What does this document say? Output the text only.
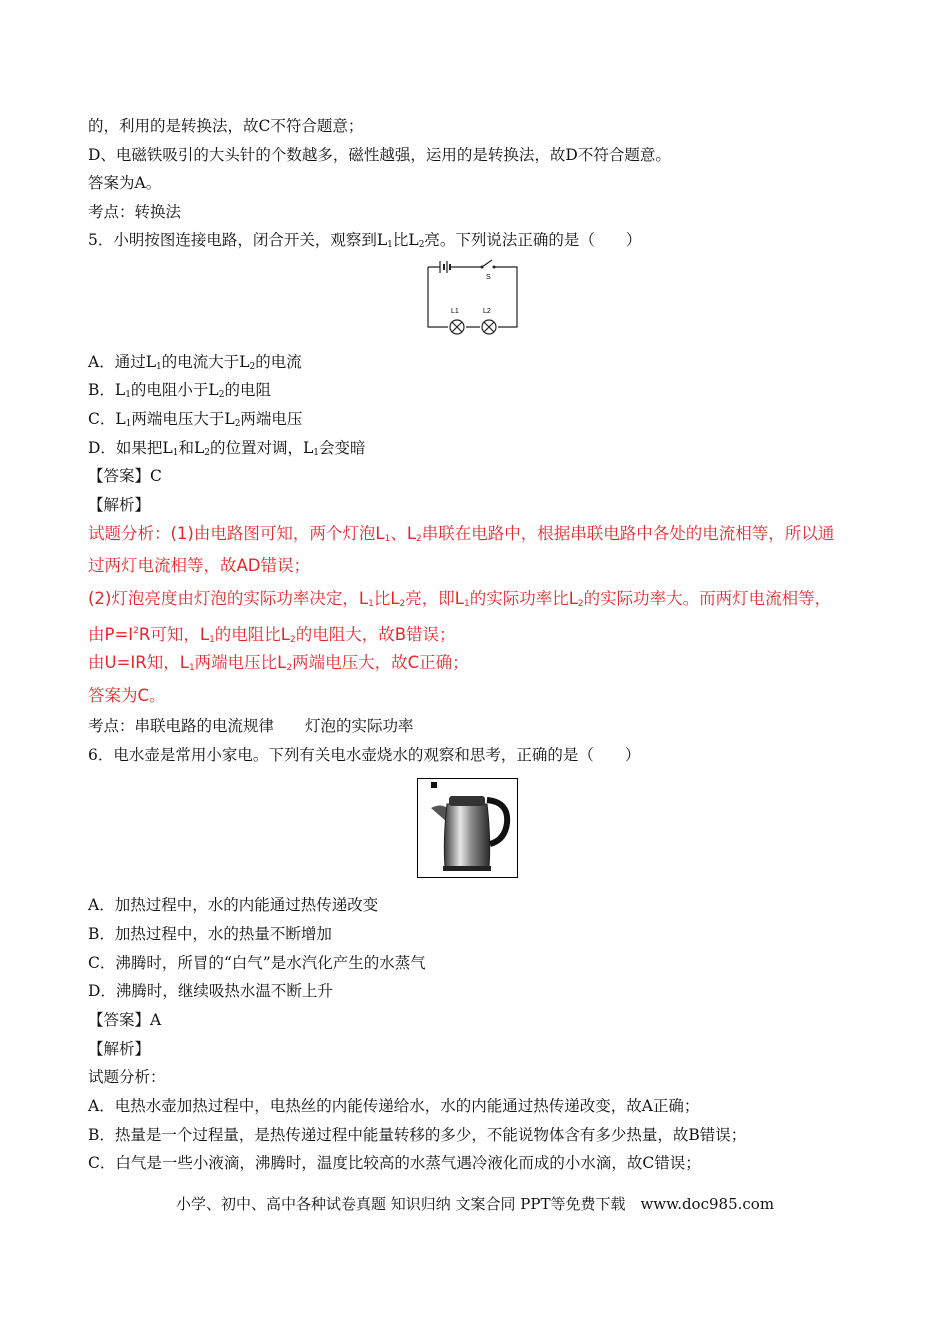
的，利用的是转换法，故C不符合题意；
D、电磁铁吸引的大头针的个数越多，磁性越强，运用的是转换法，故D不符合题意。
答案为A。
考点：转换法
5．小明按图连接电路，闭合开关，观察到$L_1$比$L_2$亮。下列说法正确的是（　　）
S
L1	L2
A．通过$L_1$的电流大于$L_2$的电流
B．$L_1$的电阻小于$L_2$的电阻
C．$L_1$两端电压大于$L_2$两端电压
D．如果把$L_1$和$L_2$的位置对调，$L_1$会变暗
【答案】C
【解析】
试题分析：(1)由电路图可知，两个灯泡$L_1$、$L_2$串联在电路中，根据串联电路中各处的电流相等，所以通
过两灯电流相等，故AD错误；
(2)灯泡亮度由灯泡的实际功率决定，$L_1$比$L_2$亮，即$L_1$的实际功率比$L_2$的实际功率大。而两灯电流相等，
由$P=I^2R$可知，$L_1$的电阻比$L_2$的电阻大，故B错误；
由U=IR知，$L_1$两端电压比$L_2$两端电压大，故C正确；
答案为C。
考点：串联电路的电流规律　　灯泡的实际功率
6．电水壶是常用小家电。下列有关电水壶烧水的观察和思考，正确的是（　　）
A．加热过程中，水的内能通过热传递改变
B．加热过程中，水的热量不断增加
C．沸腾时，所冒的“白气”是水汽化产生的水蒸气
D．沸腾时，继续吸热水温不断上升
【答案】A
【解析】
试题分析：
A．电热水壶加热过程中，电热丝的内能传递给水，水的内能通过热传递改变，故A正确；
B．热量是一个过程量，是热传递过程中能量转移的多少，不能说物体含有多少热量，故B错误；
C．白气是一些小液滴，沸腾时，温度比较高的水蒸气遇冷液化而成的小水滴，故C错误；
小学、初中、高中各种试卷真题 知识归纳 文案合同 PPT等免费下载　www.doc985.com
